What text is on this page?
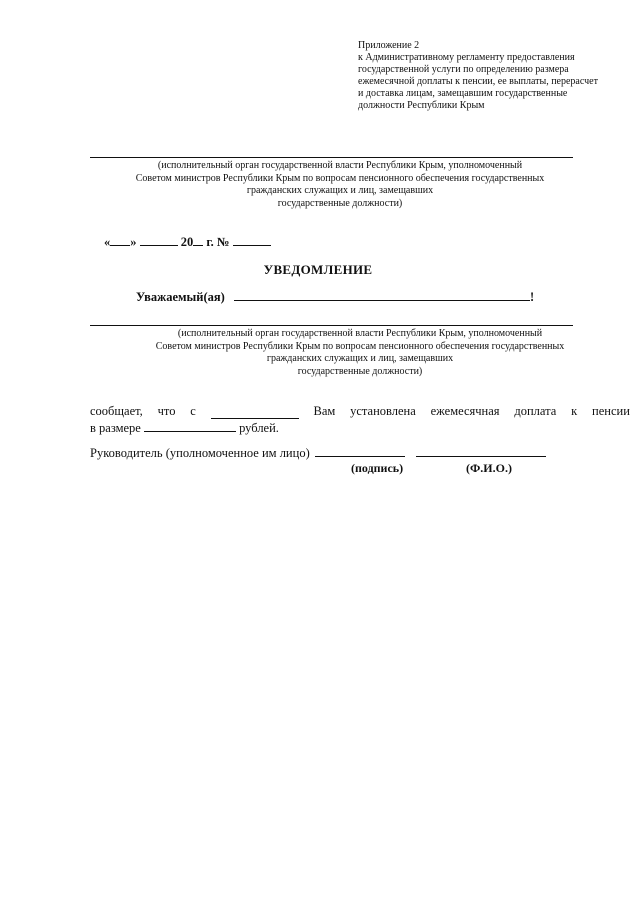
Приложение 2
к Административному регламенту предоставления
государственной услуги по определению размера
ежемесячной доплаты к пенсии, ее выплаты, перерасчет
и доставка лицам, замещавшим государственные
должности Республики Крым
(исполнительный орган государственной власти Республики Крым, уполномоченный
Советом министров Республики Крым по вопросам пенсионного обеспечения государственных
гражданских служащих и лиц, замещавших
государственные должности)
« »	20 г. №
УВЕДОМЛЕНИЕ
Уважаемый(ая)	!
(исполнительный орган государственной власти Республики Крым, уполномоченный
Советом министров Республики Крым по вопросам пенсионного обеспечения государственных
гражданских служащих и лиц, замещавших
государственные должности)
сообщает, что с	Вам установлена ежемесячная доплата к пенсии
в размере	рублей.
Руководитель (уполномоченное им лицо)
(подпись)	(Ф.И.О.)
